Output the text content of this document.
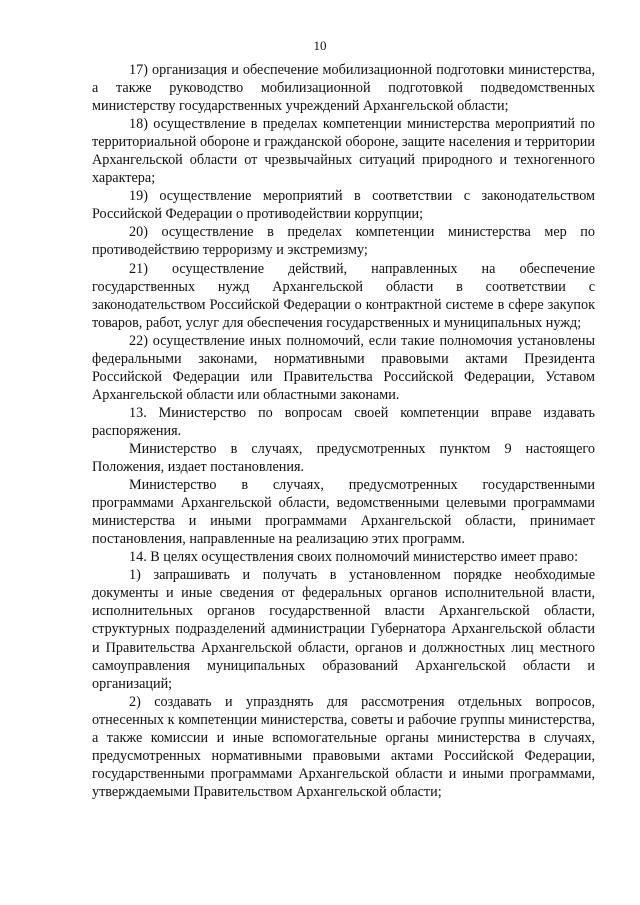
10

17) организация и обеспечение мобилизационной подготовки министерства, а также руководство мобилизационной подготовкой подведомственных министерству государственных учреждений Архангельской области;

18) осуществление в пределах компетенции министерства мероприятий по территориальной обороне и гражданской обороне, защите населения и территории Архангельской области от чрезвычайных ситуаций природного и техногенного характера;

19) осуществление мероприятий в соответствии с законодательством Российской Федерации о противодействии коррупции;

20) осуществление в пределах компетенции министерства мер по противодействию терроризму и экстремизму;

21) осуществление действий, направленных на обеспечение государственных нужд Архангельской области в соответствии с законодательством Российской Федерации о контрактной системе в сфере закупок товаров, работ, услуг для обеспечения государственных и муниципальных нужд;

22) осуществление иных полномочий, если такие полномочия установлены федеральными законами, нормативными правовыми актами Президента Российской Федерации или Правительства Российской Федерации, Уставом Архангельской области или областными законами.

13. Министерство по вопросам своей компетенции вправе издавать распоряжения.

Министерство в случаях, предусмотренных пунктом 9 настоящего Положения, издает постановления.

Министерство в случаях, предусмотренных государственными программами Архангельской области, ведомственными целевыми программами министерства и иными программами Архангельской области, принимает постановления, направленные на реализацию этих программ.

14. В целях осуществления своих полномочий министерство имеет право:

1) запрашивать и получать в установленном порядке необходимые документы и иные сведения от федеральных органов исполнительной власти, исполнительных органов государственной власти Архангельской области, структурных подразделений администрации Губернатора Архангельской области и Правительства Архангельской области, органов и должностных лиц местного самоуправления муниципальных образований Архангельской области и организаций;

2) создавать и упразднять для рассмотрения отдельных вопросов, отнесенных к компетенции министерства, советы и рабочие группы министерства, а также комиссии и иные вспомогательные органы министерства в случаях, предусмотренных нормативными правовыми актами Российской Федерации, государственными программами Архангельской области и иными программами, утверждаемыми Правительством Архангельской области;
